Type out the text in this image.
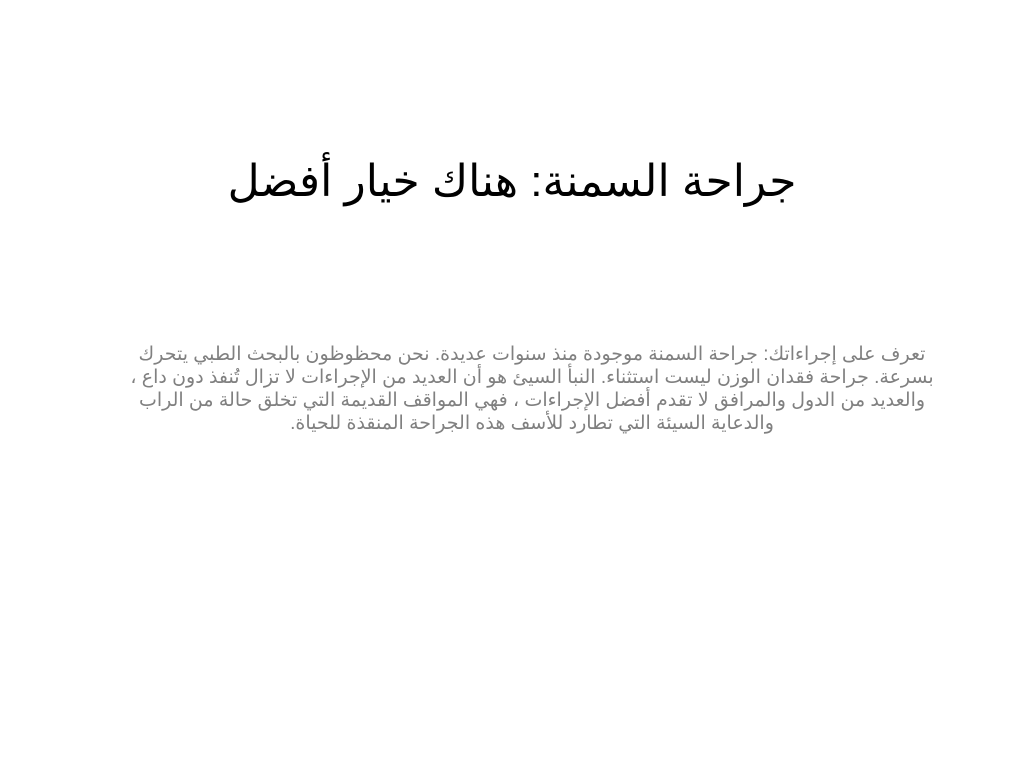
جراحة السمنة: هناك خيار أفضل

تعرف على إجراءاتك: جراحة السمنة موجودة منذ سنوات عديدة. نحن محظوظون بالبحث الطبي يتحرك بسرعة. جراحة فقدان الوزن ليست استثناء. النبأ السيئ هو أن العديد من الإجراءات لا تزال تُنفذ دون داع ، والعديد من الدول والمرافق لا تقدم أفضل الإجراءات ، فهي المواقف القديمة التي تخلق حالة من الراب والدعاية السيئة التي تطارد للأسف هذه الجراحة المنقذة للحياة.
